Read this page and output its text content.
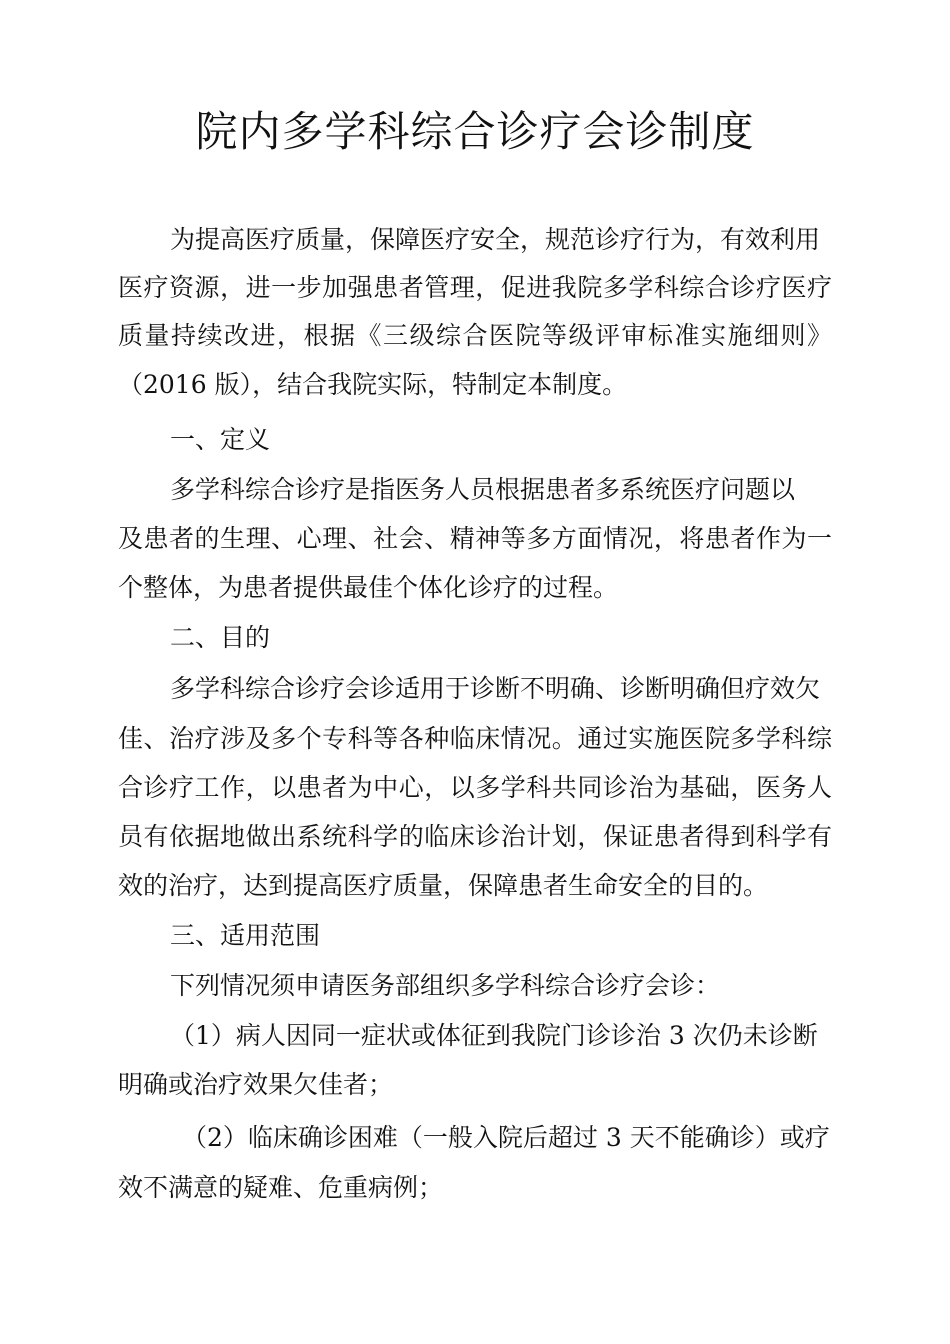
院内多学科综合诊疗会诊制度
为提高医疗质量，保障医疗安全，规范诊疗行为，有效利用
医疗资源，进一步加强患者管理，促进我院多学科综合诊疗医疗
质量持续改进，根据《三级综合医院等级评审标准实施细则》
（2016 版），结合我院实际，特制定本制度。
一、定义
多学科综合诊疗是指医务人员根据患者多系统医疗问题以
及患者的生理、心理、社会、精神等多方面情况，将患者作为一
个整体，为患者提供最佳个体化诊疗的过程。
二、目的
多学科综合诊疗会诊适用于诊断不明确、诊断明确但疗效欠
佳、治疗涉及多个专科等各种临床情况。通过实施医院多学科综
合诊疗工作，以患者为中心，以多学科共同诊治为基础，医务人
员有依据地做出系统科学的临床诊治计划，保证患者得到科学有
效的治疗，达到提高医疗质量，保障患者生命安全的目的。
三、适用范围
下列情况须申请医务部组织多学科综合诊疗会诊：
（1）病人因同一症状或体征到我院门诊诊治 3 次仍未诊断
明确或治疗效果欠佳者；
（2）临床确诊困难（一般入院后超过 3 天不能确诊）或疗
效不满意的疑难、危重病例；
